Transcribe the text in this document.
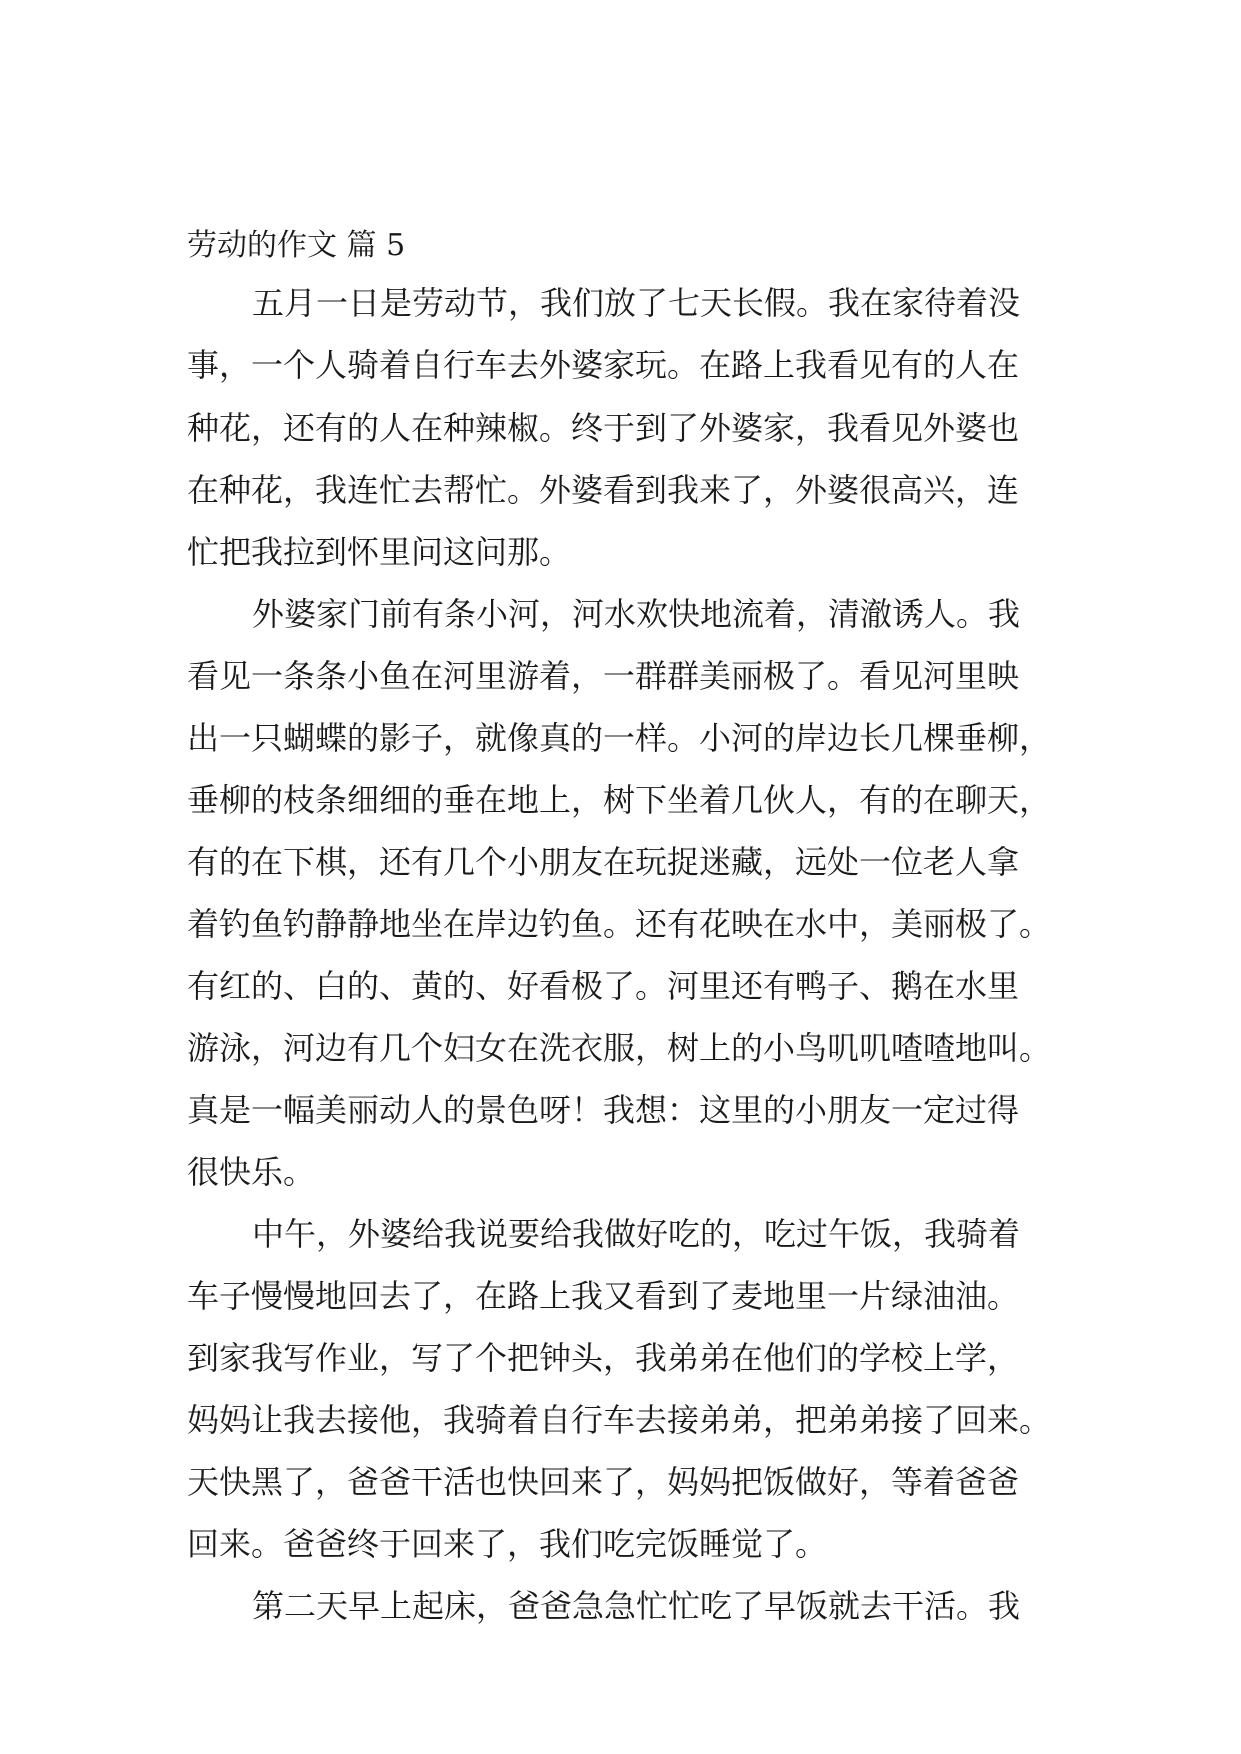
劳动的作文 篇 5
五月一日是劳动节，我们放了七天长假。我在家待着没
事，一个人骑着自行车去外婆家玩。在路上我看见有的人在
种花，还有的人在种辣椒。终于到了外婆家，我看见外婆也
在种花，我连忙去帮忙。外婆看到我来了，外婆很高兴，连
忙把我拉到怀里问这问那。
外婆家门前有条小河，河水欢快地流着，清澈诱人。我
看见一条条小鱼在河里游着，一群群美丽极了。看见河里映
出一只蝴蝶的影子，就像真的一样。小河的岸边长几棵垂柳，
垂柳的枝条细细的垂在地上，树下坐着几伙人，有的在聊天，
有的在下棋，还有几个小朋友在玩捉迷藏，远处一位老人拿
着钓鱼钓静静地坐在岸边钓鱼。还有花映在水中，美丽极了。
有红的、白的、黄的、好看极了。河里还有鸭子、鹅在水里
游泳，河边有几个妇女在洗衣服，树上的小鸟叽叽喳喳地叫。
真是一幅美丽动人的景色呀！我想：这里的小朋友一定过得
很快乐。
中午，外婆给我说要给我做好吃的，吃过午饭，我骑着
车子慢慢地回去了，在路上我又看到了麦地里一片绿油油。
到家我写作业，写了个把钟头，我弟弟在他们的学校上学，
妈妈让我去接他，我骑着自行车去接弟弟，把弟弟接了回来。
天快黑了，爸爸干活也快回来了，妈妈把饭做好，等着爸爸
回来。爸爸终于回来了，我们吃完饭睡觉了。
第二天早上起床，爸爸急急忙忙吃了早饭就去干活。我
